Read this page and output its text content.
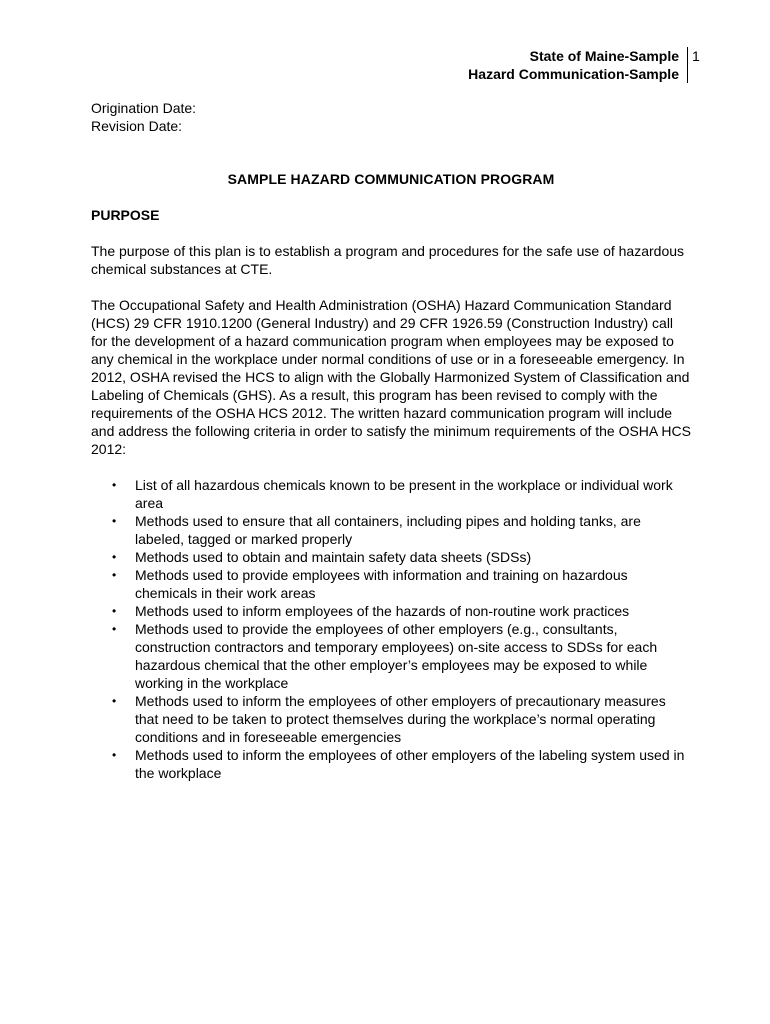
State of Maine-Sample
Hazard Communication-Sample
1
Origination Date:
Revision Date:
SAMPLE HAZARD COMMUNICATION PROGRAM
PURPOSE

The purpose of this plan is to establish a program and procedures for the safe use of hazardous chemical substances at CTE.

The Occupational Safety and Health Administration (OSHA) Hazard Communication Standard (HCS) 29 CFR 1910.1200 (General Industry) and 29 CFR 1926.59 (Construction Industry) call for the development of a hazard communication program when employees may be exposed to any chemical in the workplace under normal conditions of use or in a foreseeable emergency. In 2012, OSHA revised the HCS to align with the Globally Harmonized System of Classification and Labeling of Chemicals (GHS). As a result, this program has been revised to comply with the requirements of the OSHA HCS 2012. The written hazard communication program will include and address the following criteria in order to satisfy the minimum requirements of the OSHA HCS 2012:

• List of all hazardous chemicals known to be present in the workplace or individual work area
• Methods used to ensure that all containers, including pipes and holding tanks, are labeled, tagged or marked properly
• Methods used to obtain and maintain safety data sheets (SDSs)
• Methods used to provide employees with information and training on hazardous chemicals in their work areas
• Methods used to inform employees of the hazards of non-routine work practices
• Methods used to provide the employees of other employers (e.g., consultants, construction contractors and temporary employees) on-site access to SDSs for each hazardous chemical that the other employer’s employees may be exposed to while working in the workplace
• Methods used to inform the employees of other employers of precautionary measures that need to be taken to protect themselves during the workplace’s normal operating conditions and in foreseeable emergencies
• Methods used to inform the employees of other employers of the labeling system used in the workplace
